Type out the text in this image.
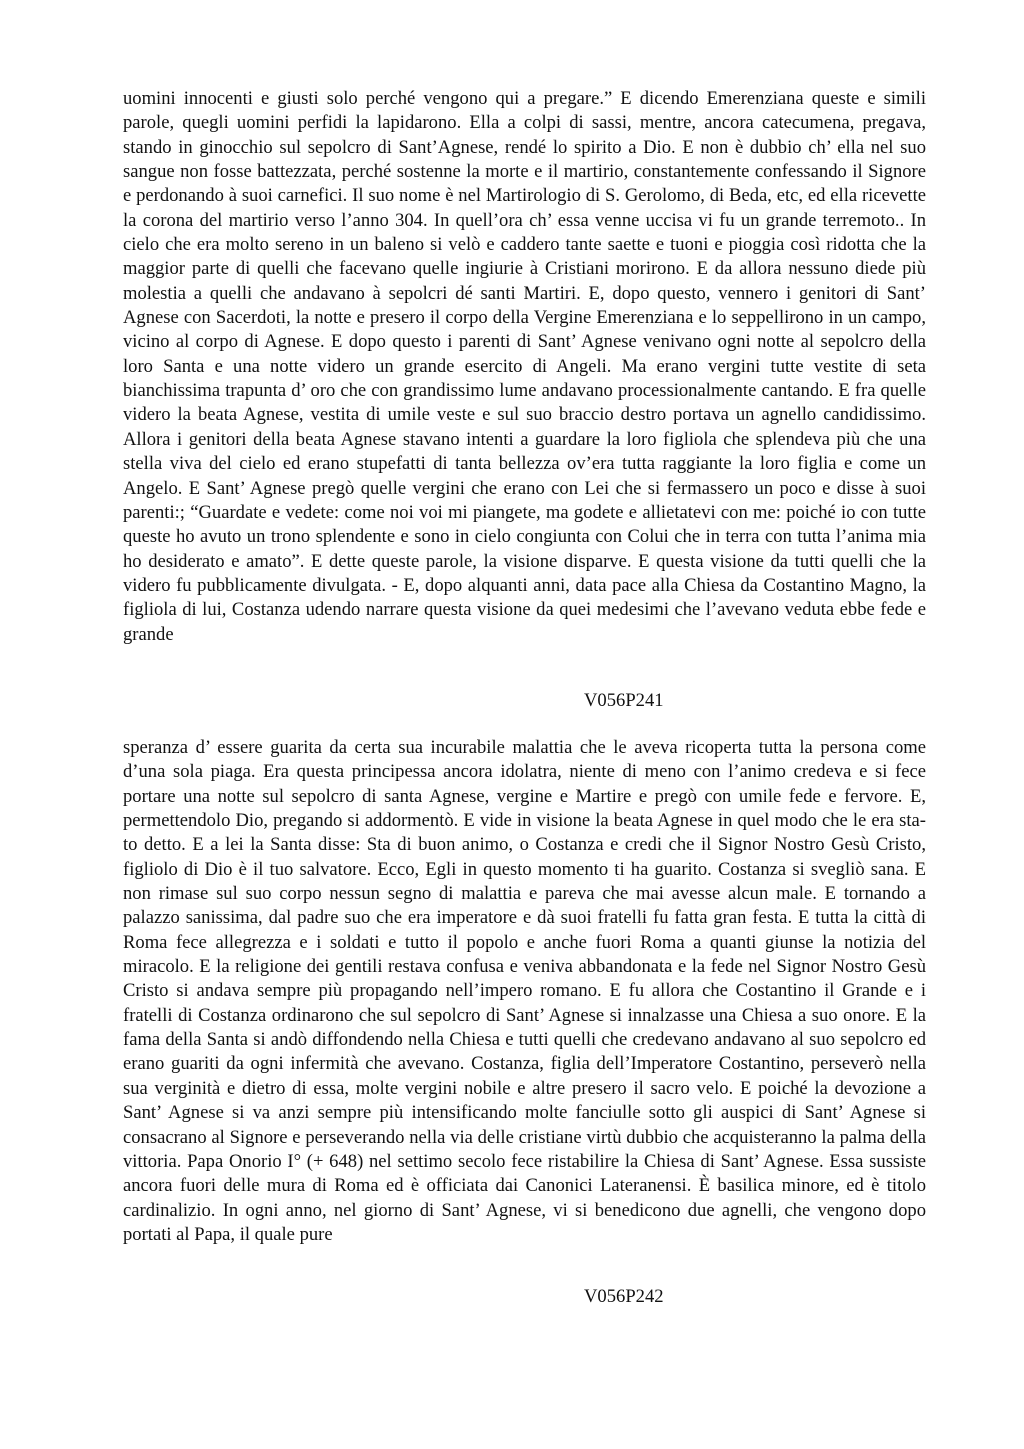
uomini innocenti e giusti solo perché vengono qui a pregare.” E dicendo Emerenziana queste e simili parole, quegli uomini perfidi la lapidarono. Ella a colpi di sassi, mentre, ancora catecumena, pregava, stando in ginocchio sul sepolcro di Sant’Agnese, rendé lo spirito a Dio. E non è dubbio ch’ ella nel suo sangue non fosse battezzata, perché sostenne la morte e il martirio, constantemente confessando il Signore e perdonando à suoi carnefici. Il suo nome è nel Martirologio di S. Gerolomo, di Beda, etc, ed ella ricevette la corona del martirio verso l’anno 304. In quell’ora ch’ essa venne uccisa vi fu un grande terremoto.. In cielo che era molto sereno in un baleno si velò e caddero tante saette e tuoni e pioggia così ridotta che la maggior parte di quelli che facevano quelle ingiurie à Cristiani morirono. E da allora nessuno diede più molestia a quelli che andavano à sepolcri dé santi Martiri. E, dopo questo, vennero i genitori di Sant’ Agnese con Sacerdoti, la notte e presero il corpo della Vergine Emerenziana e lo seppellirono in un campo, vicino al corpo di Agnese. E dopo questo i parenti di Sant’ Agnese venivano ogni notte al sepolcro della loro Santa e una notte videro un grande esercito di Angeli. Ma erano vergini tutte vestite di seta bianchissima trapunta d’ oro che con grandissimo lume andavano processionalmente cantando. E fra quelle videro la beata Agnese, vestita di umile veste e sul suo braccio destro portava un agnello candidissimo. Allora i genitori della beata Agnese stavano intenti a guardare la loro figliola che splendeva più che una stella viva del cielo ed erano stupefatti di tanta bellezza ov’era tutta raggiante la loro figlia e come un Angelo. E Sant’ Agnese pregò quelle vergini che erano con Lei che si fermassero un poco e disse à suoi parenti:; “Guardate e vedete: come noi voi mi piangete, ma godete e allietatevi con me: poiché io con tutte queste ho avuto un trono splendente e sono in cielo congiunta con Colui che in terra con tutta l’anima mia ho desiderato e amato”. E dette queste parole, la visione disparve. E questa visione da tutti quelli che la videro fu pubblicamente divulgata. - E, dopo alquanti anni, data pace alla Chiesa da Costantino Magno, la figliola di lui, Costanza udendo narrare questa visione da quei medesimi che l’avevano veduta ebbe fede e grande

V056P241

speranza d’ essere guarita da certa sua incurabile malattia che le aveva ricoperta tutta la persona come d’una sola piaga. Era questa principessa ancora idolatra, niente di meno con l’animo credeva e si fece portare una notte sul sepolcro di santa Agnese, vergine e Martire e pregò con umile fede e fervore. E, permettendolo Dio, pregando si addormentò. E vide in visione la beata Agnese in quel modo che le era sta- to detto. E a lei la Santa disse: Sta di buon animo, o Costanza e credi che il Signor Nostro Gesù Cristo, figliolo di Dio è il tuo salvatore. Ecco, Egli in questo momento ti ha guarito. Costanza si svegliò sana. E non rimase sul suo corpo nessun segno di malattia e pareva che mai avesse alcun male. E tornando a palazzo sanissima, dal padre suo che era imperatore e dà suoi fratelli fu fatta gran festa. E tutta la città di Roma fece allegrezza e i soldati e tutto il popolo e anche fuori Roma a quanti giunse la notizia del miracolo. E la religione dei gentili restava confusa e veniva abbandonata e la fede nel Signor Nostro Gesù Cristo si andava sempre più propagando nell’impero romano. E fu allora che Costantino il Grande e i fratelli di Costanza ordinarono che sul sepolcro di Sant’ Agnese si innalzasse una Chiesa a suo onore. E la fama della Santa si andò diffondendo nella Chiesa e tutti quelli che credevano andavano al suo sepolcro ed erano guariti da ogni infermità che avevano. Costanza, figlia dell’Imperatore Costantino, perseverò nella sua verginità e dietro di essa, molte vergini nobile e altre presero il sacro velo. E poiché la devozione a Sant’ Agnese si va anzi sempre più intensificando molte fanciulle sotto gli auspici di Sant’ Agnese si consacrano al Signore e perseverando nella via delle cristiane virtù dubbio che acquisteranno la palma della vittoria. Papa Onorio I° (+ 648) nel settimo secolo fece ristabilire la Chiesa di Sant’ Agnese. Essa sussiste ancora fuori delle mura di Roma ed è officiata dai Canonici Lateranensi. È basilica minore, ed è titolo cardinalizio. In ogni anno, nel giorno di Sant’ Agnese, vi si benedicono due agnelli, che vengono dopo portati al Papa, il quale pure

V056P242
